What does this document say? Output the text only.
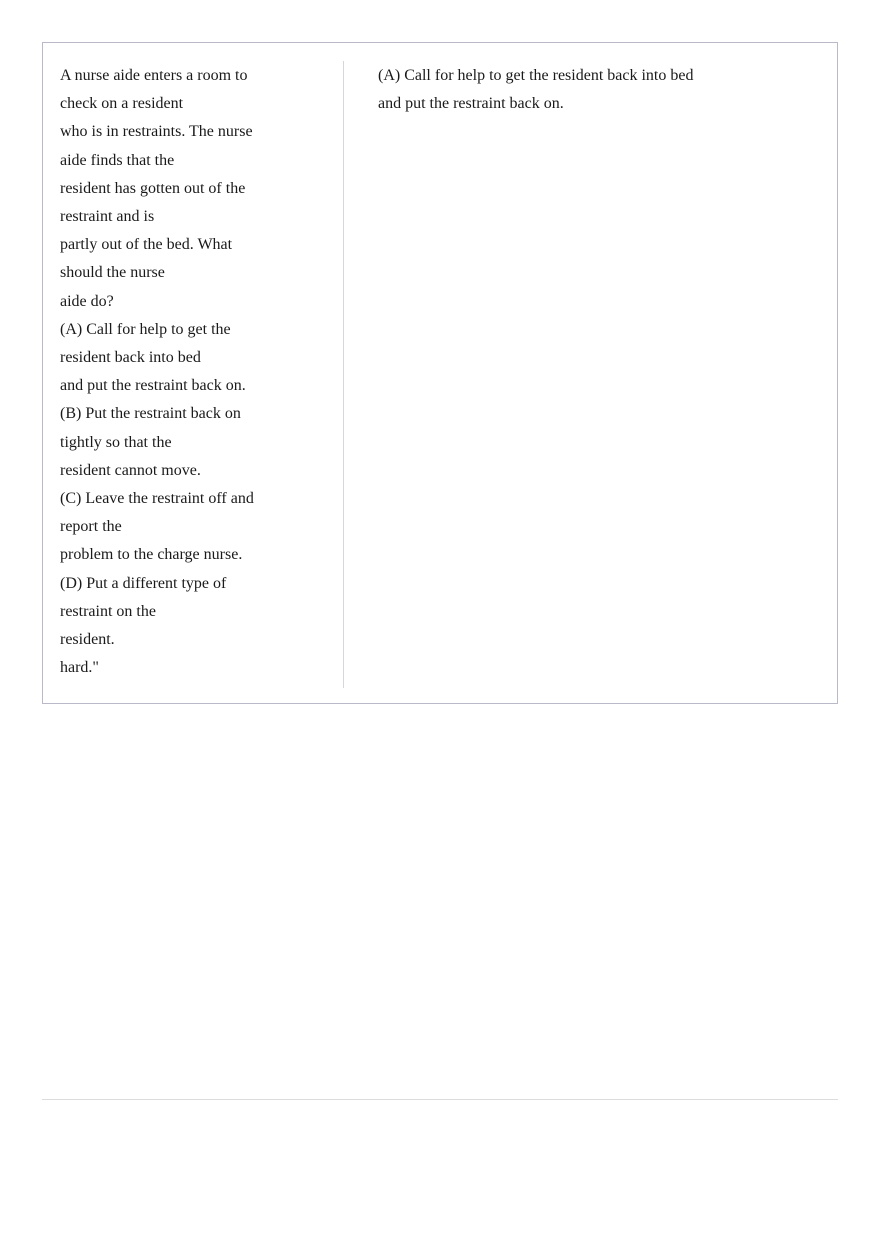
A nurse aide enters a room to
check on a resident
who is in restraints. The nurse
aide finds that the
resident has gotten out of the
restraint and is
partly out of the bed. What
should the nurse
aide do?
(A) Call for help to get the
resident back into bed
and put the restraint back on.
(B) Put the restraint back on
tightly so that the
resident cannot move.
(C) Leave the restraint off and
report the
problem to the charge nurse.
(D) Put a different type of
restraint on the
resident.
hard."
(A) Call for help to get the resident back into bed
and put the restraint back on.
